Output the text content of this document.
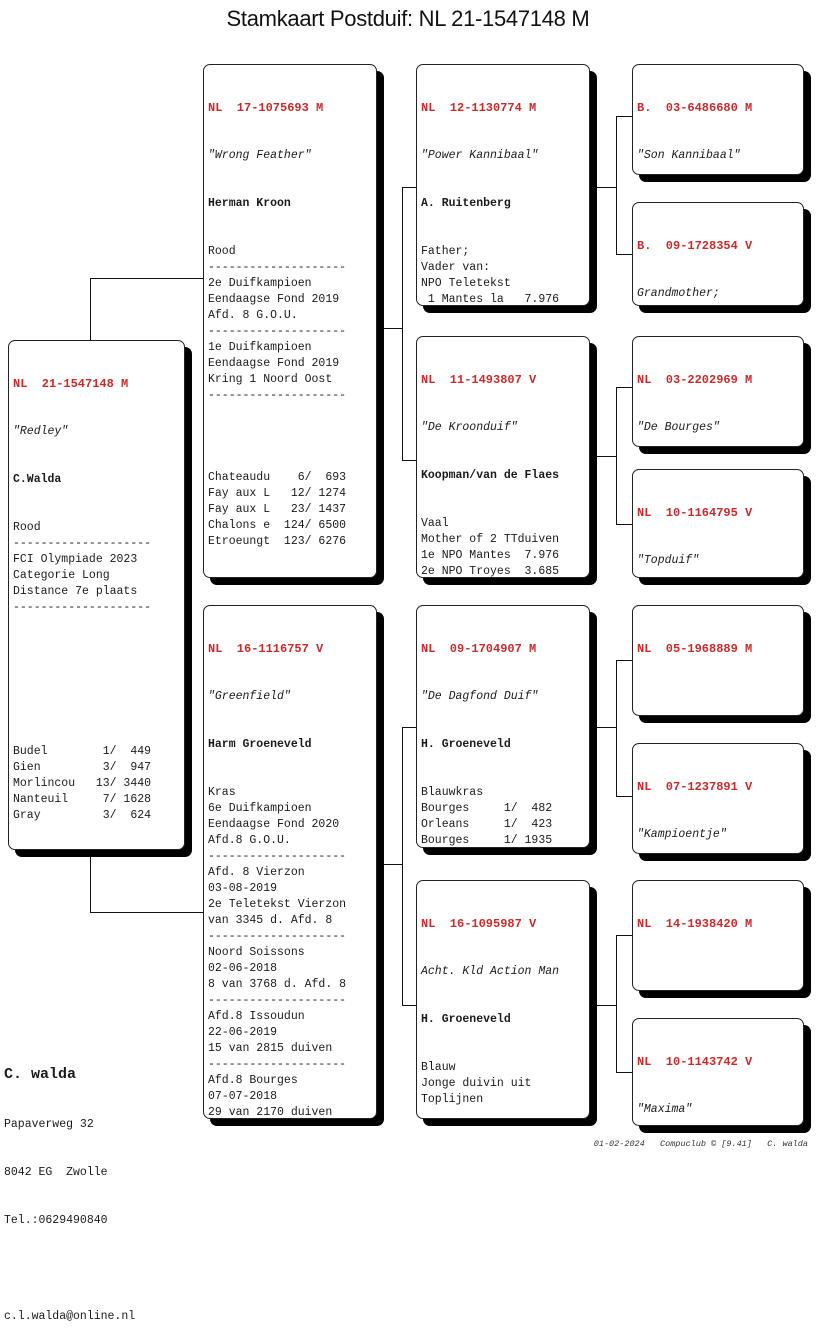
Stamkaart Postduif: NL 21-1547148 M

NL  21-1547148 M

"Redley"

C.Walda

Rood
--------------------
FCI Olympiade 2023
Categorie Long
Distance 7e plaats
--------------------

Budel        1/  449
Gien         3/  947
Morlincou   13/ 3440
Nanteuil     7/ 1628
Gray         3/  624

NL  17-1075693 M

"Wrong Feather"

Herman Kroon

Rood
--------------------
2e Duifkampioen
Eendaagse Fond 2019
Afd. 8 G.O.U.
--------------------
1e Duifkampioen
Eendaagse Fond 2019
Kring 1 Noord Oost
--------------------

Chateaudu    6/  693
Fay aux L   12/ 1274
Fay aux L   23/ 1437
Chalons e  124/ 6500
Etroeungt  123/ 6276

NL  16-1116757 V

"Greenfield"

Harm Groeneveld

Kras
6e Duifkampioen
Eendaagse Fond 2020
Afd.8 G.O.U.
--------------------
Afd. 8 Vierzon
03-08-2019
2e Teletekst Vierzon
van 3345 d. Afd. 8
--------------------
Noord Soissons
02-06-2018
8 van 3768 d. Afd. 8
--------------------
Afd.8 Issoudun
22-06-2019
15 van 2815 duiven
--------------------
Afd.8 Bourges
07-07-2018
29 van 2170 duiven

NL  12-1130774 M

"Power Kannibaal"

A. Ruitenberg

Father;
Vader van:
NPO Teletekst
1 Mantes la   7.976

NL  11-1493807 V

"De Kroonduif"

Koopman/van de Flaes

Vaal
Mother of 2 TTduiven
1e NPO Mantes  7.976
2e NPO Troyes  3.685

NL  09-1704907 M

"De Dagfond Duif"

H. Groeneveld

Blauwkras
Bourges     1/  482
Orleans     1/  423
Bourges     1/ 1935

NL  16-1095987 V

Acht. Kld Action Man

H. Groeneveld

Blauw
Jonge duivin uit
Toplijnen

B.  03-6486680 M

"Son Kannibaal"

B.  09-1728354 V

Grandmother;

NL  03-2202969 M

"De Bourges"

NL  10-1164795 V

"Topduif"

NL  05-1968889 M

NL  07-1237891 V

"Kampioentje"

NL  14-1938420 M

NL  10-1143742 V

"Maxima"

C. walda

Papaverweg 32

8042 EG  Zwolle

Tel.:0629490840

c.l.walda@online.nl

01-02-2024   Compuclub © [9.41]   C. walda
